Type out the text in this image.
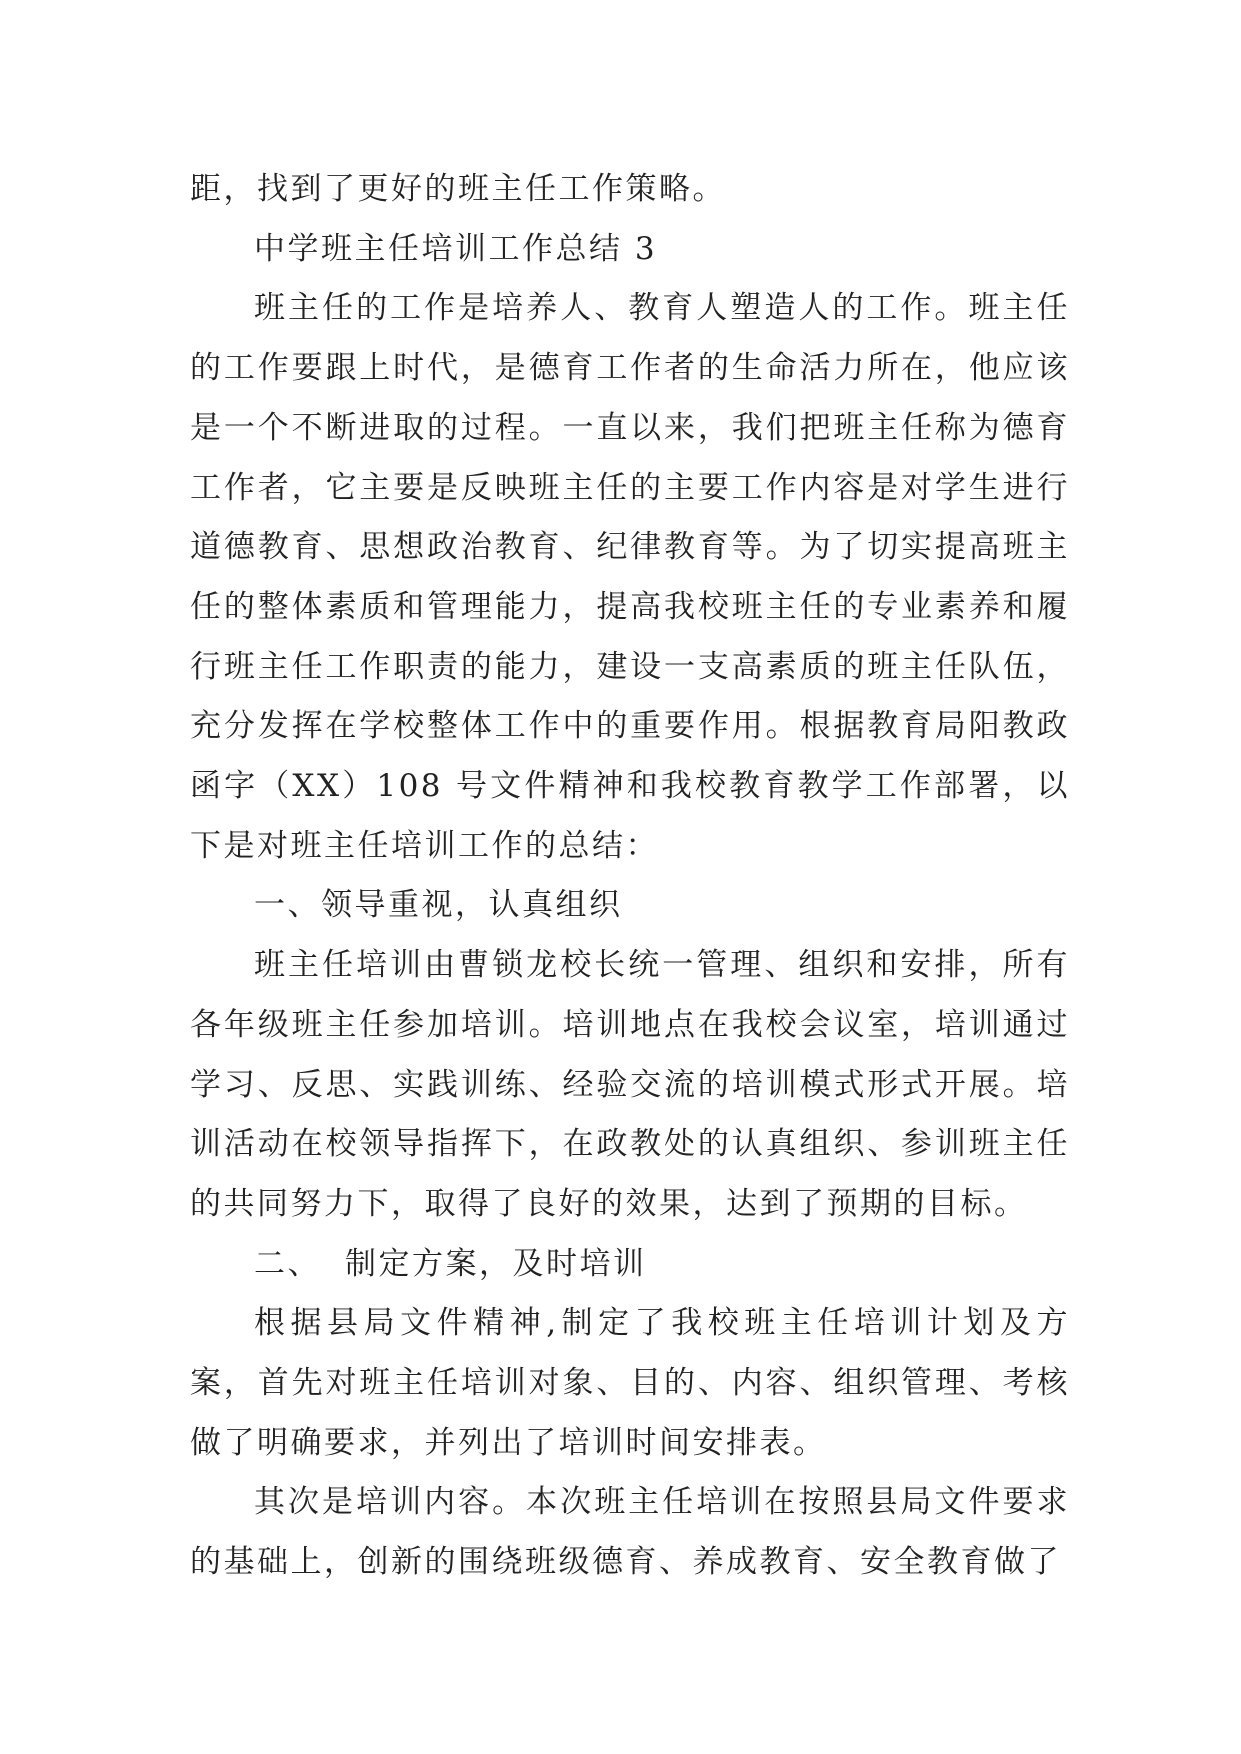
距，找到了更好的班主任工作策略。

中学班主任培训工作总结 3

班主任的工作是培养人、教育人塑造人的工作。班主任的工作要跟上时代，是德育工作者的生命活力所在，他应该是一个不断进取的过程。一直以来，我们把班主任称为德育工作者，它主要是反映班主任的主要工作内容是对学生进行道德教育、思想政治教育、纪律教育等。为了切实提高班主任的整体素质和管理能力，提高我校班主任的专业素养和履行班主任工作职责的能力，建设一支高素质的班主任队伍，充分发挥在学校整体工作中的重要作用。根据教育局阳教政函字（XX）108 号文件精神和我校教育教学工作部署，以下是对班主任培训工作的总结：

一、领导重视，认真组织

班主任培训由曹锁龙校长统一管理、组织和安排，所有各年级班主任参加培训。培训地点在我校会议室，培训通过学习、反思、实践训练、经验交流的培训模式形式开展。培训活动在校领导指挥下，在政教处的认真组织、参训班主任的共同努力下，取得了良好的效果，达到了预期的目标。

二、 制定方案，及时培训

根据县局文件精神,制定了我校班主任培训计划及方案，首先对班主任培训对象、目的、内容、组织管理、考核做了明确要求，并列出了培训时间安排表。

其次是培训内容。本次班主任培训在按照县局文件要求的基础上，创新的围绕班级德育、养成教育、安全教育做了
